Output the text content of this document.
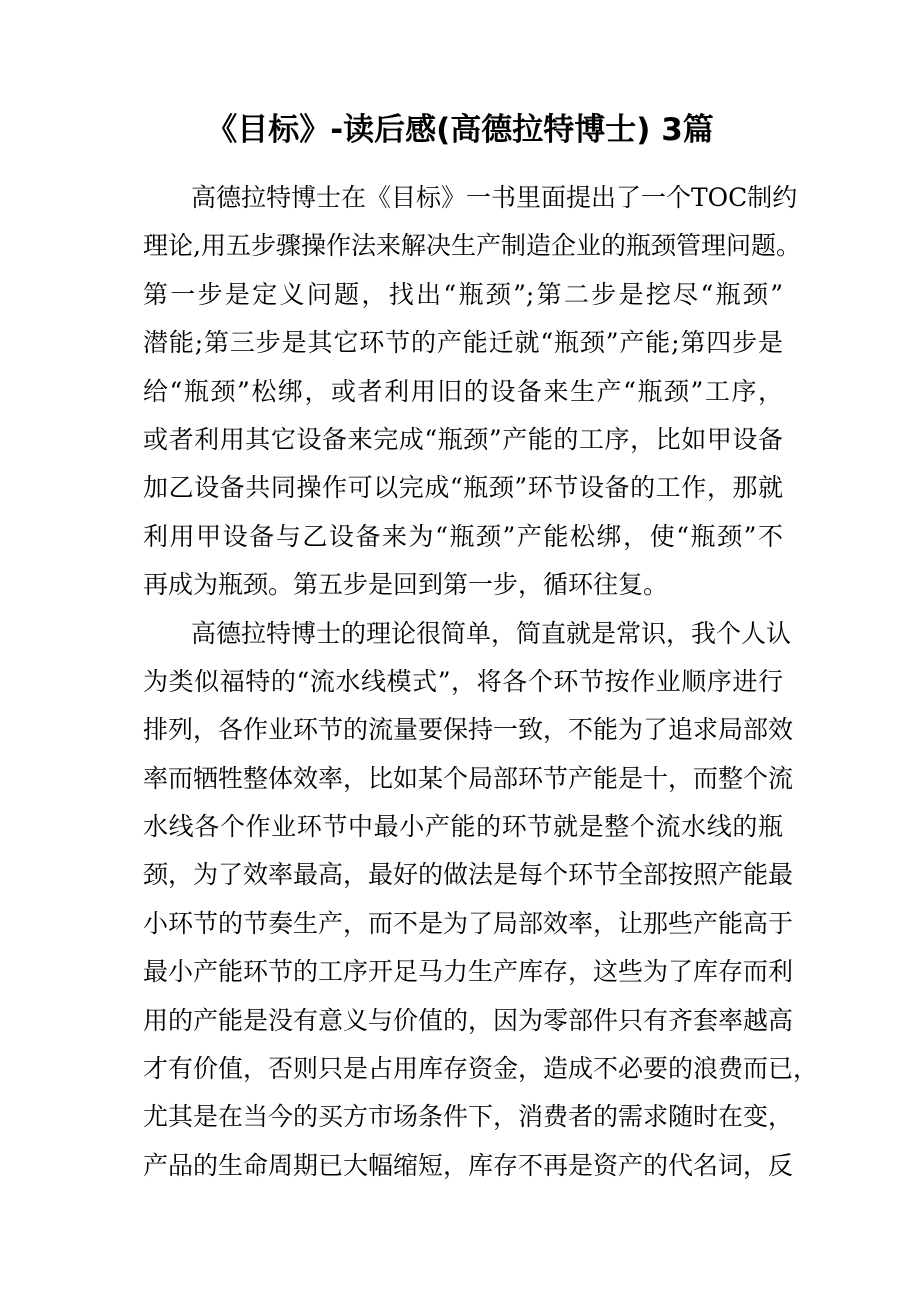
《目标》-读后感(高德拉特博士) 3篇
高德拉特博士在《目标》一书里面提出了一个TOC制约
理论,用五步骤操作法来解决生产制造企业的瓶颈管理问题。
第一步是定义问题，找出“瓶颈”;第二步是挖尽“瓶颈”
潜能;第三步是其它环节的产能迁就“瓶颈”产能;第四步是
给“瓶颈”松绑，或者利用旧的设备来生产“瓶颈”工序，
或者利用其它设备来完成“瓶颈”产能的工序，比如甲设备
加乙设备共同操作可以完成“瓶颈”环节设备的工作，那就
利用甲设备与乙设备来为“瓶颈”产能松绑，使“瓶颈”不
再成为瓶颈。第五步是回到第一步，循环往复。
高德拉特博士的理论很简单，简直就是常识，我个人认
为类似福特的“流水线模式”，将各个环节按作业顺序进行
排列，各作业环节的流量要保持一致，不能为了追求局部效
率而牺牲整体效率，比如某个局部环节产能是十，而整个流
水线各个作业环节中最小产能的环节就是整个流水线的瓶
颈，为了效率最高，最好的做法是每个环节全部按照产能最
小环节的节奏生产，而不是为了局部效率，让那些产能高于
最小产能环节的工序开足马力生产库存，这些为了库存而利
用的产能是没有意义与价值的，因为零部件只有齐套率越高
才有价值，否则只是占用库存资金，造成不必要的浪费而已，
尤其是在当今的买方市场条件下，消费者的需求随时在变，
产品的生命周期已大幅缩短，库存不再是资产的代名词，反
